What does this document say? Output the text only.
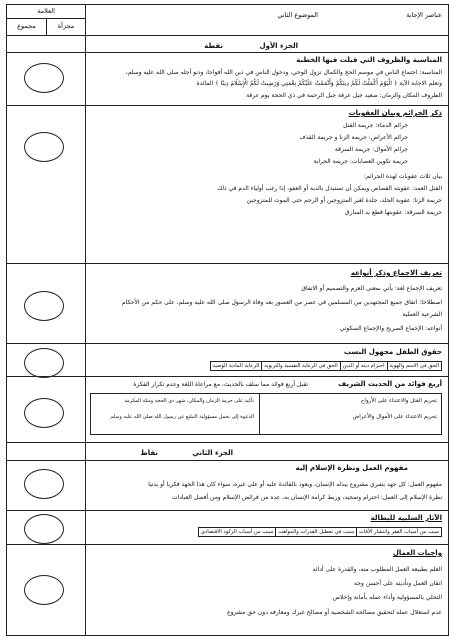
عناصر الإجابة
الموضوع الثاني
العلامة
مجزأة
مجموع
الجزء الأول
نقطة
المناسبة والظروف التي قيلت فيها الخطبة
المناسبة: اجتماع الناس في موسم الحج والكمال نزول الوحي، ودخول الناس في دين الله أفواجا، ودنو أجله صلى الله عليه وسلم،
وتعلم الاجابة الآية ﴿ الْيَوْمَ أَكْمَلْتُ لَكُمْ دِينَكُمْ وَأَتْمَمْتُ عَلَيْكُمْ نِعْمَتِي وَرَضِيتُ لَكُمُ الْإِسْلَامَ دِينًا ﴾ المائدة
الظروف المكان والزمان: صعيد جبل عرفة جبل الرحمة في ذي الحجة يوم عرفة
ذكر الجرائم وبيان العقوبات
جرائم الدماء: جريمة القتل
جرائم الأعراض: جريمة الزنا و جريمة القذف
جرائم الأموال: جريمة السرقة
جريمة تكوين العصابات: جريمة الحرابة
بيان ثلاث عقوبات لهذه الجرائم:
القتل العمد: عقوبته القصاص ويمكن أن تستبدل بالدية أو العفو، إذا رغب أولياء الدم في ذلك
جريمة الزنا: عقوبة الجلد، جلدة لغير المتزوجين أو الرجم حتى الموت للمتزوجين
جريمة السرقة: عقوبتها قطع يد السارق
تعريف الاجماع وذكر أنواعه
تعريف الإجماع لغة: يأتي بمعنى العزم والتصميم أو الاتفاق
اصطلاحا: اتفاق جميع المجتهدين من المسلمين في عصر من العصور بعد وفاة الرسول صلى الله عليه وسلم، على حكم من الأحكام
الشرعية العملية
أنواعه: الإجماع الصريح والإجماع السكوتي
حقوق الطفل مجهول النسب
الحق في الاسم والهوية
احترام دينه أو الدين
الحق في الرعاية النفسية والتربوية
الرعاية المادية الوصية
أربع فوائد من الحديث الشريف
تقبل أربع فوائد مما سلف بالحديث، مع مراعاة اللغة وعدم تكرار الفكرة
تحريم القتل والاعتداء على الأرواح
تحريم الاعتداء على الأموال والأعراض
تأكيد على حرمة الزمان والمكان، شهر ذي الحجة ومكة المكرمة
الدعوة إلى تحمل مسؤولية التبليغ عن رسول الله صلى الله عليه وسلم
الجزء الثاني
نقاط
مفهوم العمل ونظرة الإسلام إليه
مفهوم العمل: كل جهد بشري مشروع يبذله الإنسان، ويعود بالفائدة عليه أو على غيره، سواء كان هذا الجهد فكريا أو بدنيا
نظرة الإسلام إلى العمل: احترام وتمجيد، وربط كرامة الإنسان به، عده من فرائض الإسلام ومن أفضل العبادات
الآثار السلبية للبطالة
سبب من أسباب الفقر وانتشار الآفات
سبب في تعطيل القدرات والمواهب
سبب من أسباب الركود الاقتصادي
واجبات العمال
العلم بطبيعة العمل المطلوب منه، والقدرة على أدائه
اتقان العمل وتأديته على أحسن وجه
التحلي بالمسؤولية وأداء عمله بأمانة وإخلاص
عدم استغلال عمله لتحقيق مصالحه الشخصية أو مصالح غيرك ومعارفه دون حق مشروع
